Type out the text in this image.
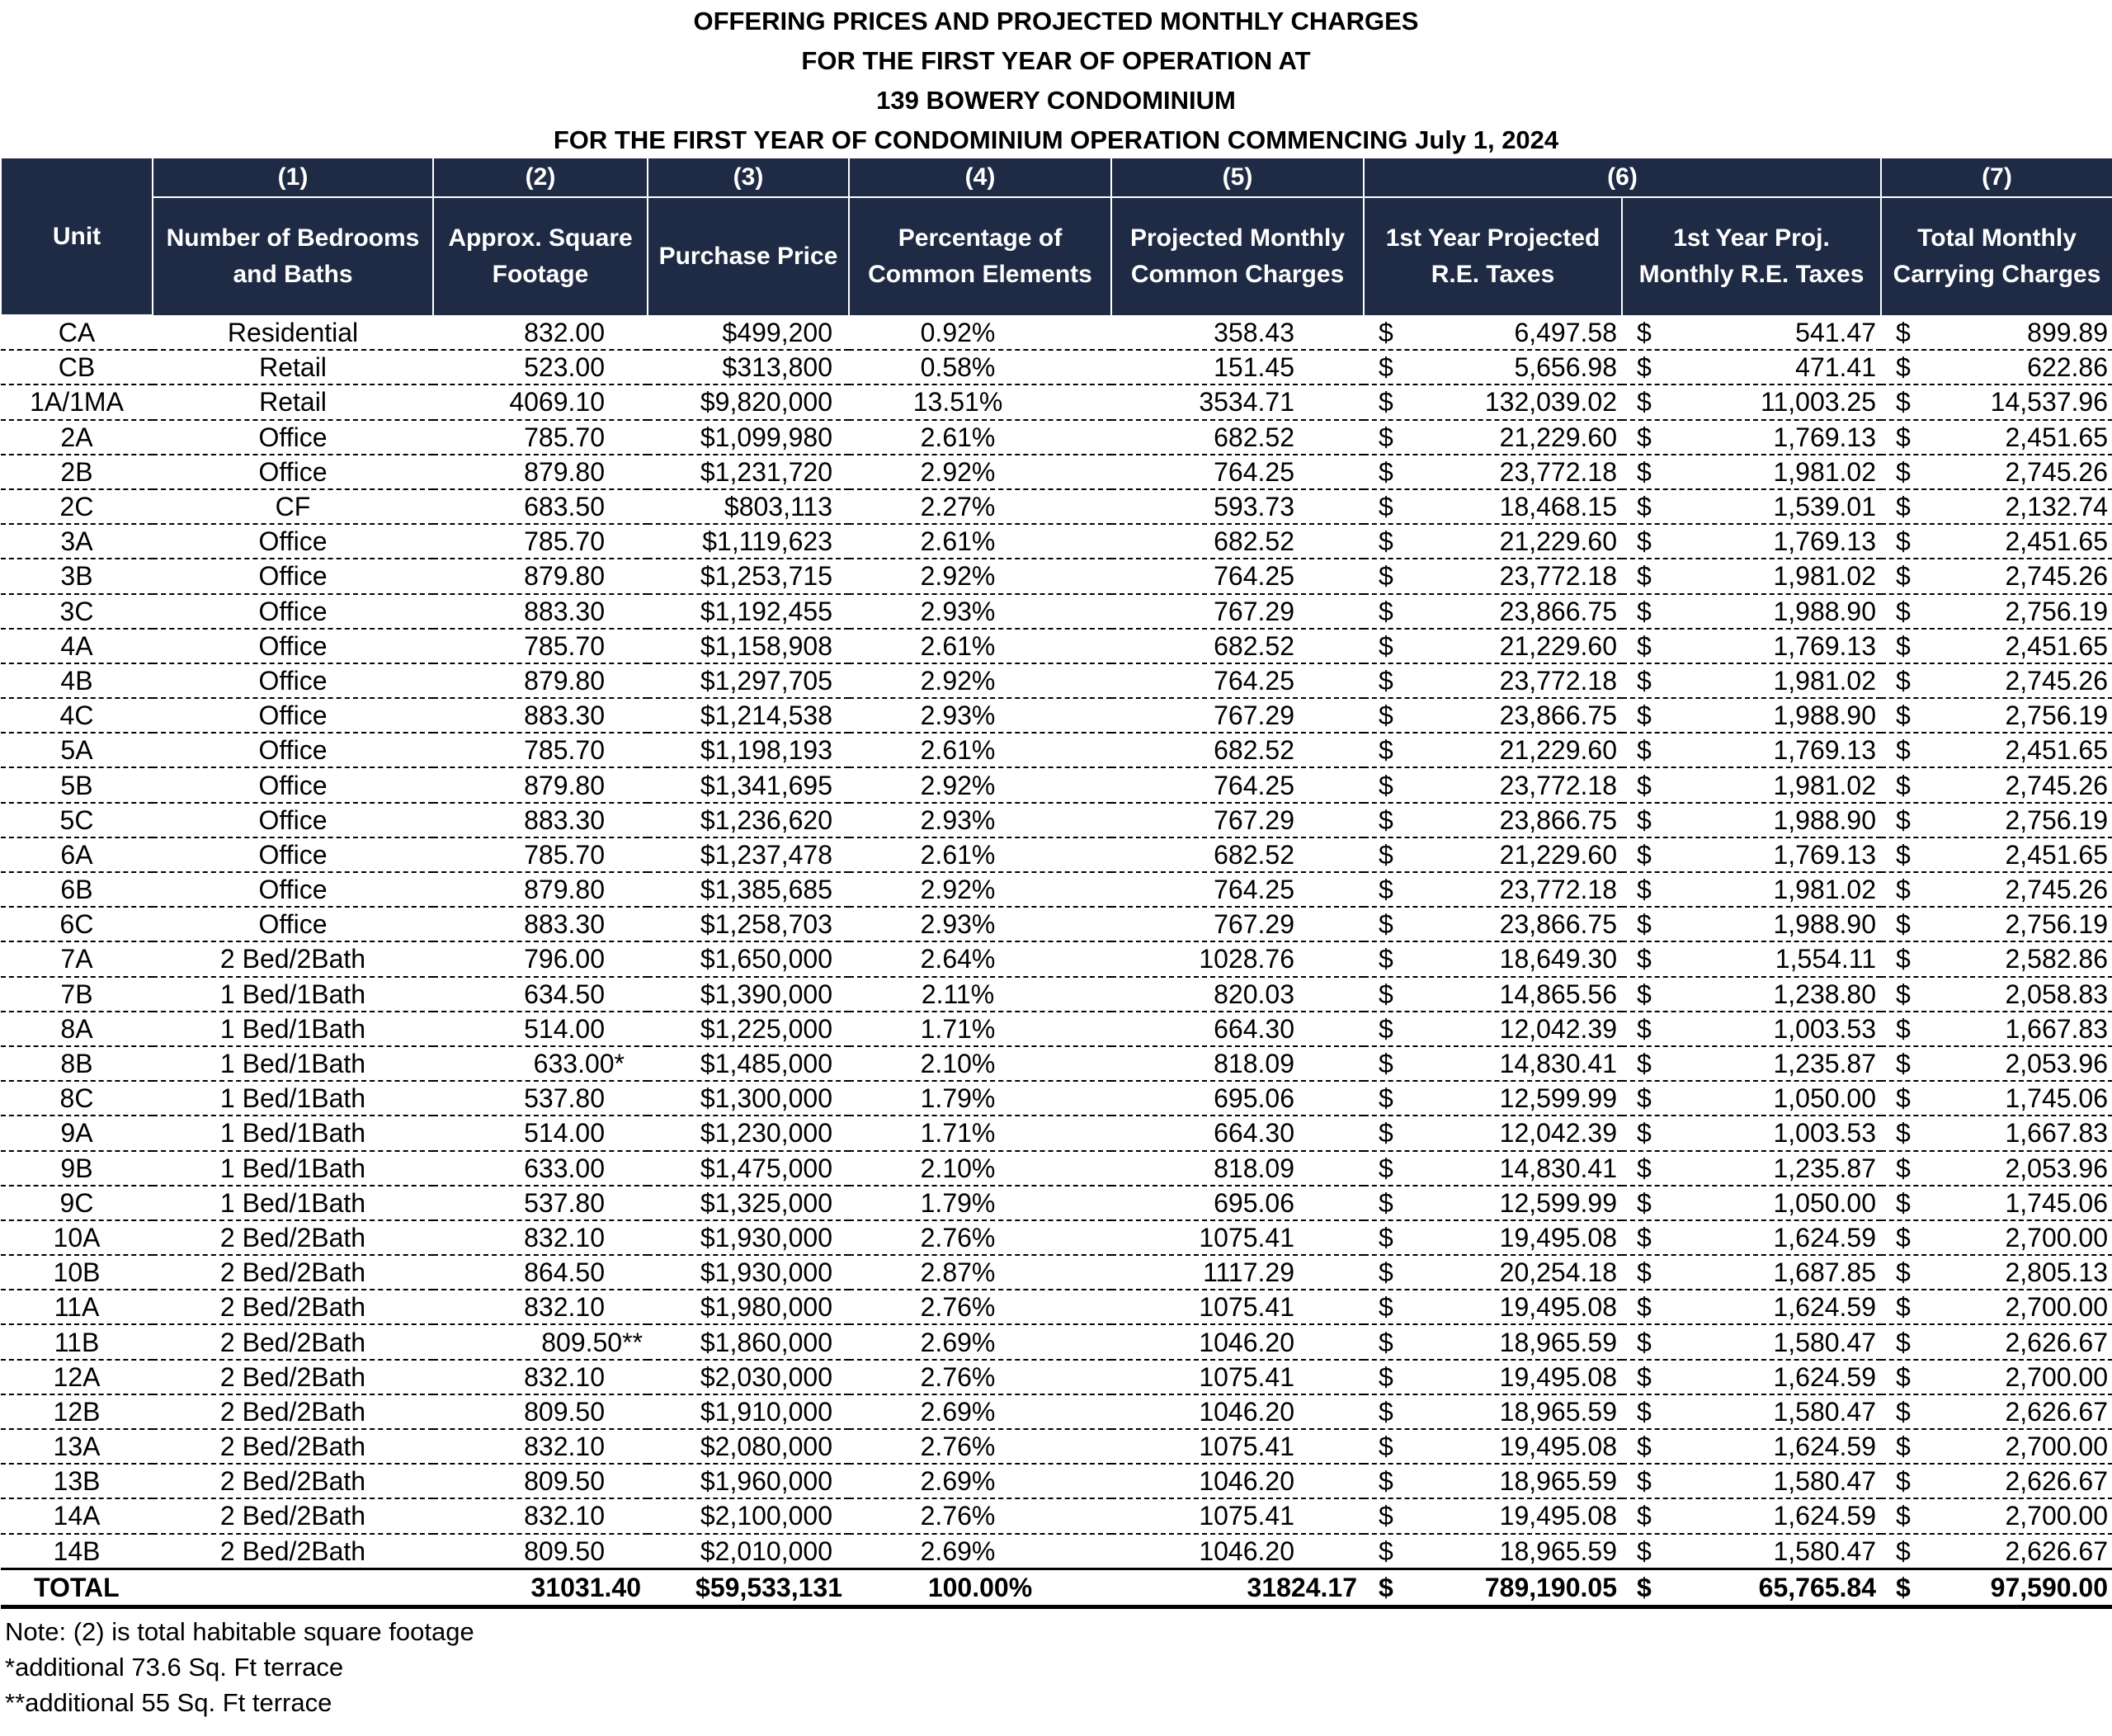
OFFERING PRICES AND PROJECTED MONTHLY CHARGES
FOR THE FIRST YEAR OF OPERATION AT
139 BOWERY CONDOMINIUM
FOR THE FIRST YEAR OF CONDOMINIUM OPERATION COMMENCING July 1, 2024
Unit	(1)	(2)	(3)	(4)	(5)	(6)		(7)
	Number of Bedrooms and Baths	Approx. Square Footage	Purchase Price	Percentage of Common Elements	Projected Monthly Common Charges	1st Year Projected R.E. Taxes	1st Year Proj. Monthly R.E. Taxes	Total Monthly Carrying Charges
CA	Residential	832.00	$499,200	0.92%	358.43	$ 6,497.58	$ 541.47	$ 899.89
CB	Retail	523.00	$313,800	0.58%	151.45	$ 5,656.98	$ 471.41	$ 622.86
1A/1MA	Retail	4069.10	$9,820,000	13.51%	3534.71	$ 132,039.02	$ 11,003.25	$ 14,537.96
2A	Office	785.70	$1,099,980	2.61%	682.52	$ 21,229.60	$ 1,769.13	$ 2,451.65
2B	Office	879.80	$1,231,720	2.92%	764.25	$ 23,772.18	$ 1,981.02	$ 2,745.26
2C	CF	683.50	$803,113	2.27%	593.73	$ 18,468.15	$ 1,539.01	$ 2,132.74
3A	Office	785.70	$1,119,623	2.61%	682.52	$ 21,229.60	$ 1,769.13	$ 2,451.65
3B	Office	879.80	$1,253,715	2.92%	764.25	$ 23,772.18	$ 1,981.02	$ 2,745.26
3C	Office	883.30	$1,192,455	2.93%	767.29	$ 23,866.75	$ 1,988.90	$ 2,756.19
4A	Office	785.70	$1,158,908	2.61%	682.52	$ 21,229.60	$ 1,769.13	$ 2,451.65
4B	Office	879.80	$1,297,705	2.92%	764.25	$ 23,772.18	$ 1,981.02	$ 2,745.26
4C	Office	883.30	$1,214,538	2.93%	767.29	$ 23,866.75	$ 1,988.90	$ 2,756.19
5A	Office	785.70	$1,198,193	2.61%	682.52	$ 21,229.60	$ 1,769.13	$ 2,451.65
5B	Office	879.80	$1,341,695	2.92%	764.25	$ 23,772.18	$ 1,981.02	$ 2,745.26
5C	Office	883.30	$1,236,620	2.93%	767.29	$ 23,866.75	$ 1,988.90	$ 2,756.19
6A	Office	785.70	$1,237,478	2.61%	682.52	$ 21,229.60	$ 1,769.13	$ 2,451.65
6B	Office	879.80	$1,385,685	2.92%	764.25	$ 23,772.18	$ 1,981.02	$ 2,745.26
6C	Office	883.30	$1,258,703	2.93%	767.29	$ 23,866.75	$ 1,988.90	$ 2,756.19
7A	2 Bed/2Bath	796.00	$1,650,000	2.64%	1028.76	$ 18,649.30	$ 1,554.11	$ 2,582.86
7B	1 Bed/1Bath	634.50	$1,390,000	2.11%	820.03	$ 14,865.56	$ 1,238.80	$ 2,058.83
8A	1 Bed/1Bath	514.00	$1,225,000	1.71%	664.30	$ 12,042.39	$ 1,003.53	$ 1,667.83
8B	1 Bed/1Bath	633.00*	$1,485,000	2.10%	818.09	$ 14,830.41	$ 1,235.87	$ 2,053.96
8C	1 Bed/1Bath	537.80	$1,300,000	1.79%	695.06	$ 12,599.99	$ 1,050.00	$ 1,745.06
9A	1 Bed/1Bath	514.00	$1,230,000	1.71%	664.30	$ 12,042.39	$ 1,003.53	$ 1,667.83
9B	1 Bed/1Bath	633.00	$1,475,000	2.10%	818.09	$ 14,830.41	$ 1,235.87	$ 2,053.96
9C	1 Bed/1Bath	537.80	$1,325,000	1.79%	695.06	$ 12,599.99	$ 1,050.00	$ 1,745.06
10A	2 Bed/2Bath	832.10	$1,930,000	2.76%	1075.41	$ 19,495.08	$ 1,624.59	$ 2,700.00
10B	2 Bed/2Bath	864.50	$1,930,000	2.87%	1117.29	$ 20,254.18	$ 1,687.85	$ 2,805.13
11A	2 Bed/2Bath	832.10	$1,980,000	2.76%	1075.41	$ 19,495.08	$ 1,624.59	$ 2,700.00
11B	2 Bed/2Bath	809.50**	$1,860,000	2.69%	1046.20	$ 18,965.59	$ 1,580.47	$ 2,626.67
12A	2 Bed/2Bath	832.10	$2,030,000	2.76%	1075.41	$ 19,495.08	$ 1,624.59	$ 2,700.00
12B	2 Bed/2Bath	809.50	$1,910,000	2.69%	1046.20	$ 18,965.59	$ 1,580.47	$ 2,626.67
13A	2 Bed/2Bath	832.10	$2,080,000	2.76%	1075.41	$ 19,495.08	$ 1,624.59	$ 2,700.00
13B	2 Bed/2Bath	809.50	$1,960,000	2.69%	1046.20	$ 18,965.59	$ 1,580.47	$ 2,626.67
14A	2 Bed/2Bath	832.10	$2,100,000	2.76%	1075.41	$ 19,495.08	$ 1,624.59	$ 2,700.00
14B	2 Bed/2Bath	809.50	$2,010,000	2.69%	1046.20	$ 18,965.59	$ 1,580.47	$ 2,626.67
TOTAL		31031.40	$59,533,131	100.00%	31824.17	$ 789,190.05	$ 65,765.84	$ 97,590.00
Note: (2) is total habitable square footage
*additional 73.6 Sq. Ft terrace
**additional 55 Sq. Ft terrace
